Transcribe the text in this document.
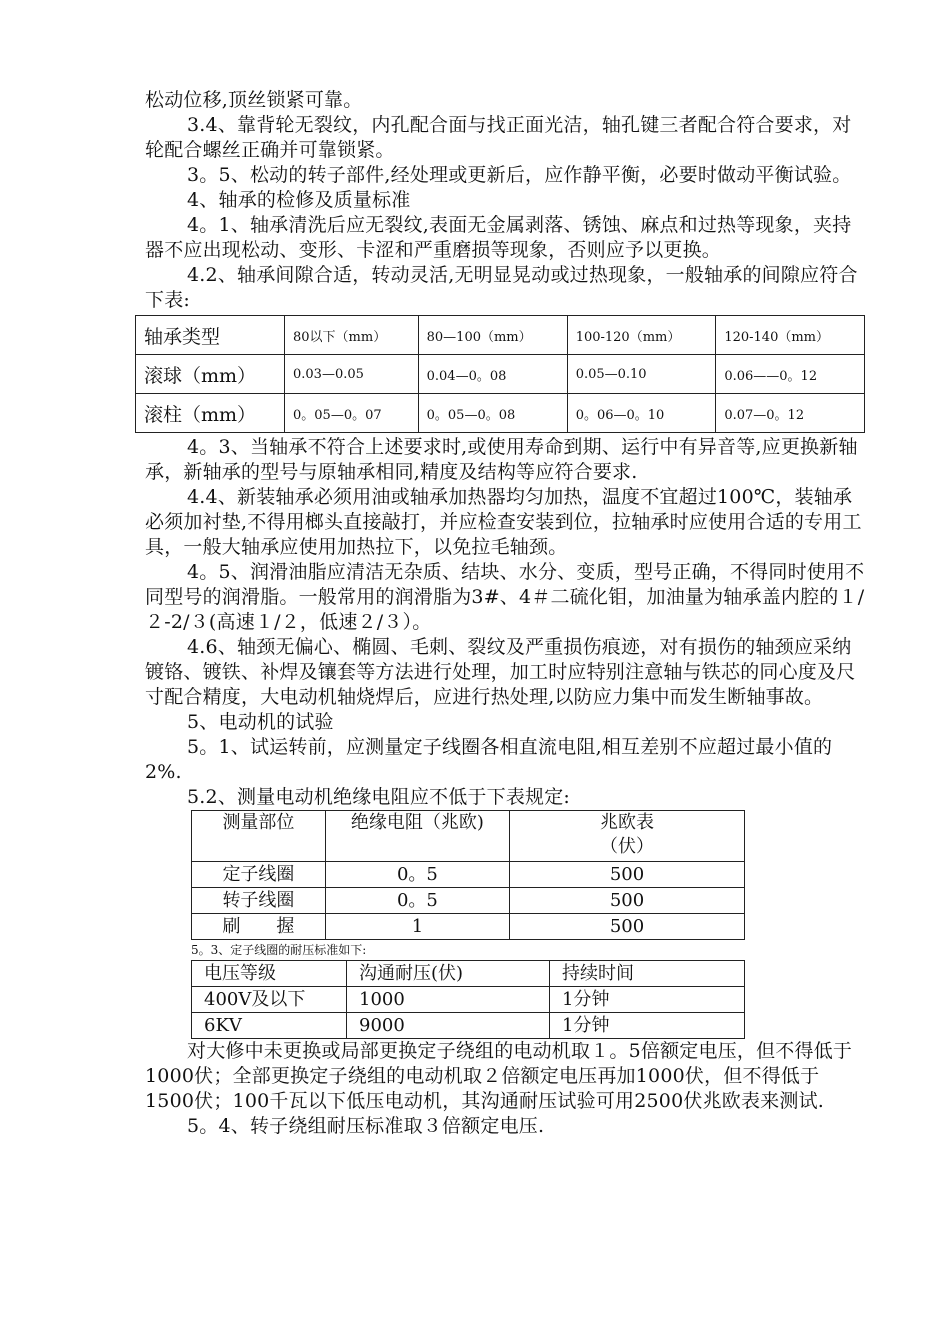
松动位移,顶丝锁紧可靠。

3.4、靠背轮无裂纹，内孔配合面与找正面光洁，轴孔键三者配合符合要求，对轮配合螺丝正确并可靠锁紧。

3。5、松动的转子部件,经处理或更新后，应作静平衡，必要时做动平衡试验。

4、轴承的检修及质量标准

4。1、轴承清洗后应无裂纹,表面无金属剥落、锈蚀、麻点和过热等现象，夹持器不应出现松动、变形、卡涩和严重磨损等现象，否则应予以更换。

4.2、轴承间隙合适，转动灵活,无明显晃动或过热现象，一般轴承的间隙应符合下表:

轴承类型	80以下（mm）	80—100（mm）	100-120（mm）	120-140（mm）
滚球（mm）	0.03—0.05	0.04—0。08	0.05—0.10	0.06——0。12
滚柱（mm）	0。05—0。07	0。05—0。08	0。06—0。10	0.07—0。12

4。3、当轴承不符合上述要求时,或使用寿命到期、运行中有异音等,应更换新轴承，新轴承的型号与原轴承相同,精度及结构等应符合要求.

4.4、新装轴承必须用油或轴承加热器均匀加热，温度不宜超过100℃，装轴承必须加衬垫,不得用榔头直接敲打，并应检查安装到位，拉轴承时应使用合适的专用工具，一般大轴承应使用加热拉下，以免拉毛轴颈。

4。5、润滑油脂应清洁无杂质、结块、水分、变质，型号正确，不得同时使用不同型号的润滑脂。一般常用的润滑脂为3#、4＃二硫化钼，加油量为轴承盖内腔的１/２-2/３(高速１/２，低速２/３）。

4.6、轴颈无偏心、椭圆、毛刺、裂纹及严重损伤痕迹，对有损伤的轴颈应采纳镀铬、镀铁、补焊及镶套等方法进行处理，加工时应特别注意轴与铁芯的同心度及尺寸配合精度，大电动机轴烧焊后，应进行热处理,以防应力集中而发生断轴事故。

5、电动机的试验

5。1、试运转前，应测量定子线圈各相直流电阻,相互差别不应超过最小值的2%.

5.2、测量电动机绝缘电阻应不低于下表规定:

测量部位	绝缘电阻（兆欧)	兆欧表（伏）
定子线圈	0。5	500
转子线圈	0。5	500
刷　　握	1	500

5。3、定子线圈的耐压标准如下:

电压等级	沟通耐压(伏)	持续时间
400V及以下	1000	1分钟
6KV	9000	1分钟

对大修中未更换或局部更换定子绕组的电动机取１。5倍额定电压，但不得低于1000伏；全部更换定子绕组的电动机取２倍额定电压再加1000伏，但不得低于1500伏；100千瓦以下低压电动机，其沟通耐压试验可用2500伏兆欧表来测试.

5。4、转子绕组耐压标准取３倍额定电压.
